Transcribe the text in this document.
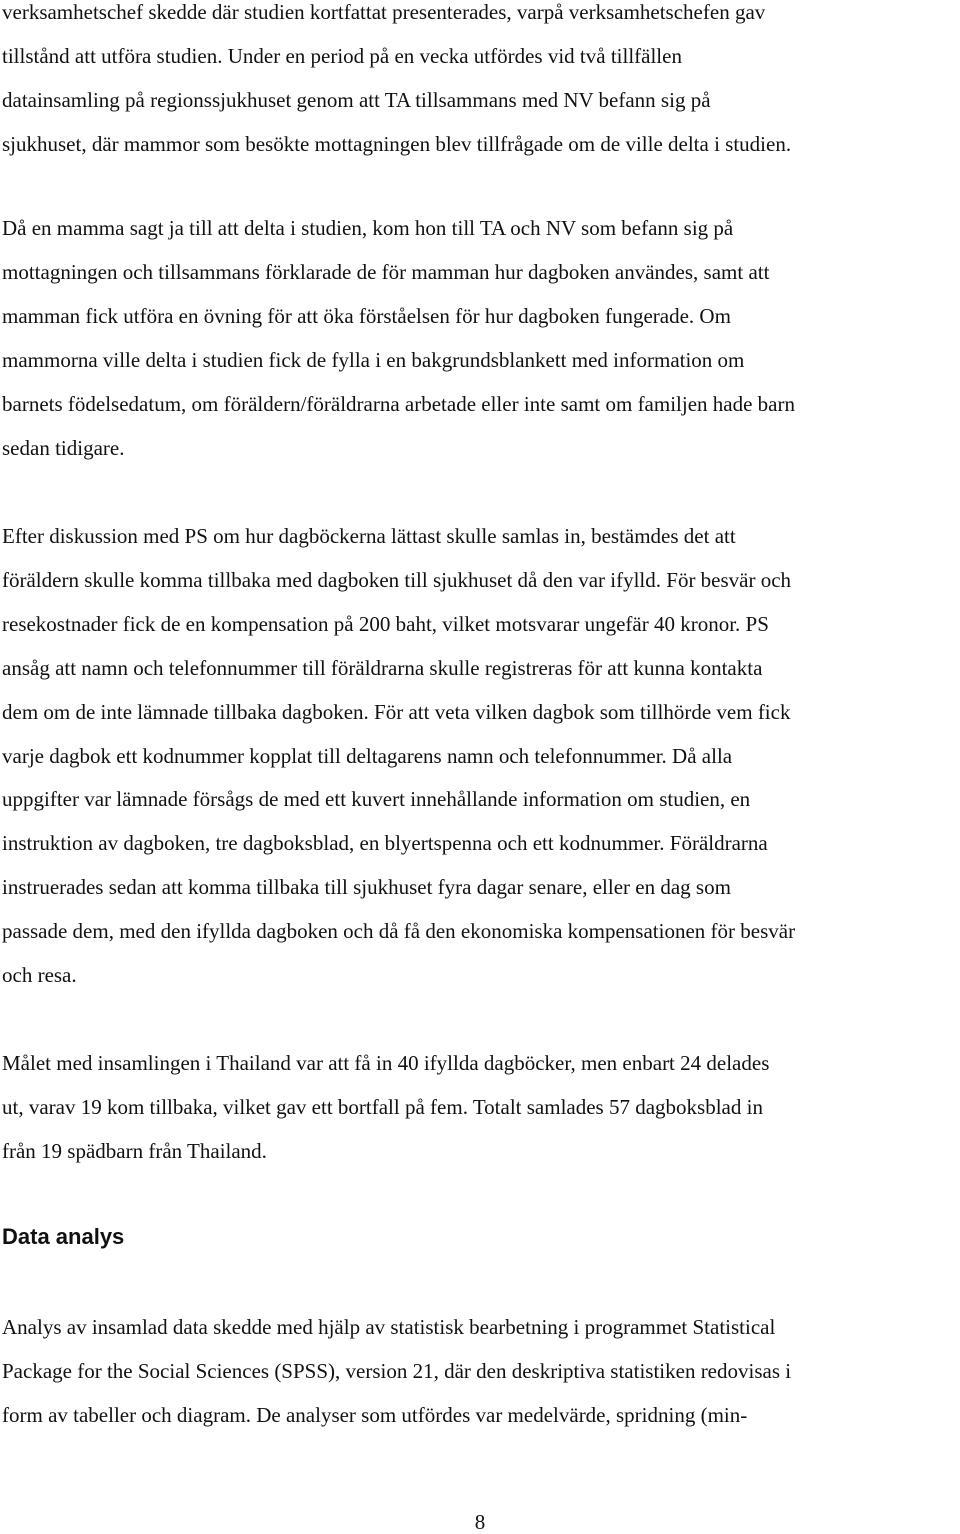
verksamhetschef skedde där studien kortfattat presenterades, varpå verksamhetschefen gav
tillstånd att utföra studien. Under en period på en vecka utfördes vid två tillfällen
datainsamling på regionssjukhuset genom att TA tillsammans med NV befann sig på
sjukhuset, där mammor som besökte mottagningen blev tillfrågade om de ville delta i studien.

Då en mamma sagt ja till att delta i studien, kom hon till TA och NV som befann sig på
mottagningen och tillsammans förklarade de för mamman hur dagboken användes, samt att
mamman fick utföra en övning för att öka förståelsen för hur dagboken fungerade. Om
mammorna ville delta i studien fick de fylla i en bakgrundsblankett med information om
barnets födelsedatum, om föräldern/föräldrarna arbetade eller inte samt om familjen hade barn
sedan tidigare.

Efter diskussion med PS om hur dagböckerna lättast skulle samlas in, bestämdes det att
föräldern skulle komma tillbaka med dagboken till sjukhuset då den var ifylld. För besvär och
resekostnader fick de en kompensation på 200 baht, vilket motsvarar ungefär 40 kronor. PS
ansåg att namn och telefonnummer till föräldrarna skulle registreras för att kunna kontakta
dem om de inte lämnade tillbaka dagboken. För att veta vilken dagbok som tillhörde vem fick
varje dagbok ett kodnummer kopplat till deltagarens namn och telefonnummer. Då alla
uppgifter var lämnade försågs de med ett kuvert innehållande information om studien, en
instruktion av dagboken, tre dagboksblad, en blyertspenna och ett kodnummer. Föräldrarna
instruerades sedan att komma tillbaka till sjukhuset fyra dagar senare, eller en dag som
passade dem, med den ifyllda dagboken och då få den ekonomiska kompensationen för besvär
och resa.

Målet med insamlingen i Thailand var att få in 40 ifyllda dagböcker, men enbart 24 delades
ut, varav 19 kom tillbaka, vilket gav ett bortfall på fem. Totalt samlades 57 dagboksblad in
från 19 spädbarn från Thailand.

Data analys

Analys av insamlad data skedde med hjälp av statistisk bearbetning i programmet Statistical
Package for the Social Sciences (SPSS), version 21, där den deskriptiva statistiken redovisas i
form av tabeller och diagram. De analyser som utfördes var medelvärde, spridning (min-

8
